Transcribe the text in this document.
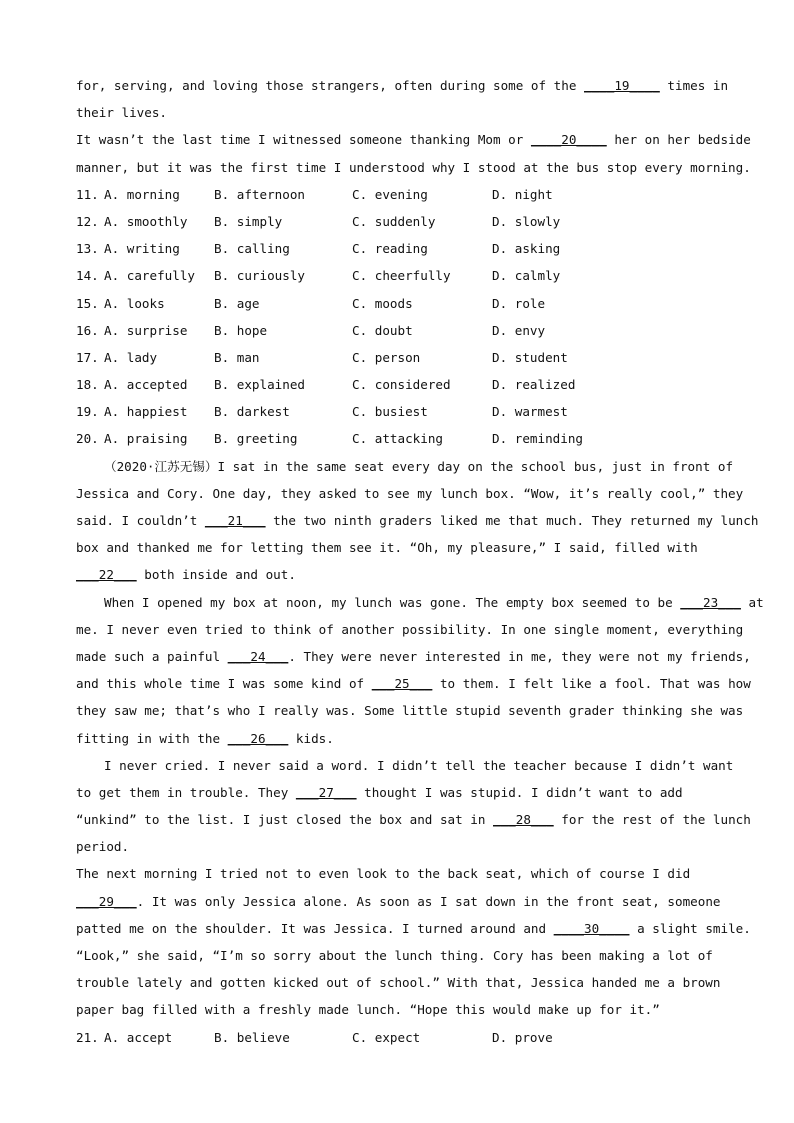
for, serving, and loving those strangers, often during some of the ____19____ times in
their lives.
It wasn’t the last time I witnessed someone thanking Mom or ____20____ her on her bedside
manner, but it was the first time I understood why I stood at the bus stop every morning.
11. A. morning	B. afternoon	C. evening	D. night
12. A. smoothly	B. simply	C. suddenly	D. slowly
13. A. writing	B. calling	C. reading	D. asking
14. A. carefully	B. curiously	C. cheerfully	D. calmly
15. A. looks	B. age	C. moods	D. role
16. A. surprise	B. hope	C. doubt	D. envy
17. A. lady	B. man	C. person	D. student
18. A. accepted	B. explained	C. considered	D. realized
19. A. happiest	B. darkest	C. busiest	D. warmest
20. A. praising	B. greeting	C. attacking	D. reminding
（2020·江苏无锡）I sat in the same seat every day on the school bus, just in front of
Jessica and Cory. One day, they asked to see my lunch box. “Wow, it’s really cool,” they
said. I couldn’t ___21___ the two ninth graders liked me that much. They returned my lunch
box and thanked me for letting them see it. “Oh, my pleasure,” I said, filled with
___22___ both inside and out.
When I opened my box at noon, my lunch was gone. The empty box seemed to be ___23___ at
me. I never even tried to think of another possibility. In one single moment, everything
made such a painful ___24___. They were never interested in me, they were not my friends,
and this whole time I was some kind of ___25___ to them. I felt like a fool. That was how
they saw me; that’s who I really was. Some little stupid seventh grader thinking she was
fitting in with the ___26___ kids.
I never cried. I never said a word. I didn’t tell the teacher because I didn’t want
to get them in trouble. They ___27___ thought I was stupid. I didn’t want to add
“unkind” to the list. I just closed the box and sat in ___28___ for the rest of the lunch
period.
The next morning I tried not to even look to the back seat, which of course I did
___29___. It was only Jessica alone. As soon as I sat down in the front seat, someone
patted me on the shoulder. It was Jessica. I turned around and ____30____ a slight smile.
“Look,” she said, “I’m so sorry about the lunch thing. Cory has been making a lot of
trouble lately and gotten kicked out of school.” With that, Jessica handed me a brown
paper bag filled with a freshly made lunch. “Hope this would make up for it.”
21. A. accept	B. believe	C. expect	D. prove
